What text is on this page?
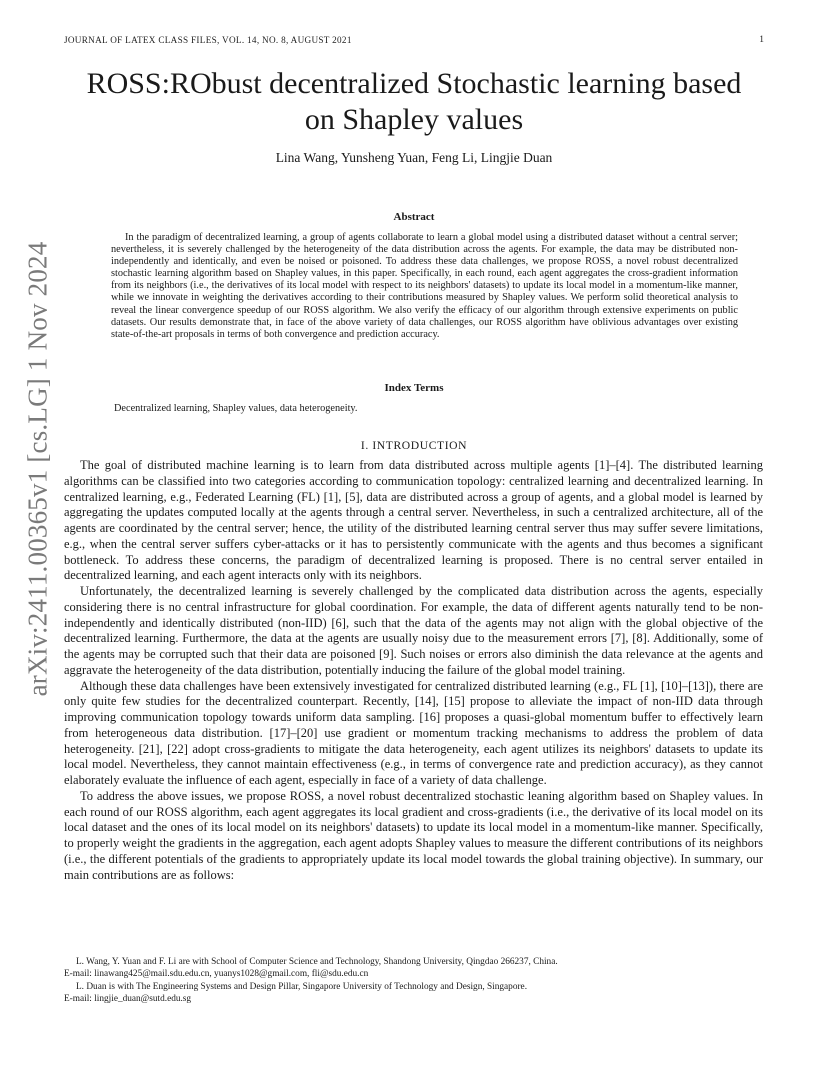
JOURNAL OF LATEX CLASS FILES, VOL. 14, NO. 8, AUGUST 2021	1
arXiv:2411.00365v1 [cs.LG] 1 Nov 2024
ROSS:RObust decentralized Stochastic learning based on Shapley values
Lina Wang, Yunsheng Yuan, Feng Li, Lingjie Duan
Abstract

In the paradigm of decentralized learning, a group of agents collaborate to learn a global model using a distributed dataset without a central server; nevertheless, it is severely challenged by the heterogeneity of the data distribution across the agents. For example, the data may be distributed non-independently and identically, and even be noised or poisoned. To address these data challenges, we propose ROSS, a novel robust decentralized stochastic learning algorithm based on Shapley values, in this paper. Specifically, in each round, each agent aggregates the cross-gradient information from its neighbors (i.e., the derivatives of its local model with respect to its neighbors' datasets) to update its local model in a momentum-like manner, while we innovate in weighting the derivatives according to their contributions measured by Shapley values. We perform solid theoretical analysis to reveal the linear convergence speedup of our ROSS algorithm. We also verify the efficacy of our algorithm through extensive experiments on public datasets. Our results demonstrate that, in face of the above variety of data challenges, our ROSS algorithm have oblivious advantages over existing state-of-the-art proposals in terms of both convergence and prediction accuracy.

Index Terms
Decentralized learning, Shapley values, data heterogeneity.
I. INTRODUCTION

The goal of distributed machine learning is to learn from data distributed across multiple agents [1]–[4]. The distributed learning algorithms can be classified into two categories according to communication topology: centralized learning and decentralized learning. In centralized learning, e.g., Federated Learning (FL) [1], [5], data are distributed across a group of agents, and a global model is learned by aggregating the updates computed locally at the agents through a central server. Nevertheless, in such a centralized architecture, all of the agents are coordinated by the central server; hence, the utility of the distributed learning central server thus may suffer severe limitations, e.g., when the central server suffers cyber-attacks or it has to persistently communicate with the agents and thus becomes a significant bottleneck. To address these concerns, the paradigm of decentralized learning is proposed. There is no central server entailed in decentralized learning, and each agent interacts only with its neighbors.

Unfortunately, the decentralized learning is severely challenged by the complicated data distribution across the agents, especially considering there is no central infrastructure for global coordination. For example, the data of different agents naturally tend to be non-independently and identically distributed (non-IID) [6], such that the data of the agents may not align with the global objective of the decentralized learning. Furthermore, the data at the agents are usually noisy due to the measurement errors [7], [8]. Additionally, some of the agents may be corrupted such that their data are poisoned [9]. Such noises or errors also diminish the data relevance at the agents and aggravate the heterogeneity of the data distribution, potentially inducing the failure of the global model training.

Although these data challenges have been extensively investigated for centralized distributed learning (e.g., FL [1], [10]–[13]), there are only quite few studies for the decentralized counterpart. Recently, [14], [15] propose to alleviate the impact of non-IID data through improving communication topology towards uniform data sampling. [16] proposes a quasi-global momentum buffer to effectively learn from heterogeneous data distribution. [17]–[20] use gradient or momentum tracking mechanisms to address the problem of data heterogeneity. [21], [22] adopt cross-gradients to mitigate the data heterogeneity, each agent utilizes its neighbors' datasets to update its local model. Nevertheless, they cannot maintain effectiveness (e.g., in terms of convergence rate and prediction accuracy), as they cannot elaborately evaluate the influence of each agent, especially in face of a variety of data challenge.

To address the above issues, we propose ROSS, a novel robust decentralized stochastic leaning algorithm based on Shapley values. In each round of our ROSS algorithm, each agent aggregates its local gradient and cross-gradients (i.e., the derivative of its local model on its local dataset and the ones of its local model on its neighbors' datasets) to update its local model in a momentum-like manner. Specifically, to properly weight the gradients in the aggregation, each agent adopts Shapley values to measure the different contributions of its neighbors (i.e., the different potentials of the gradients to appropriately update its local model towards the global training objective). In summary, our main contributions are as follows:

L. Wang, Y. Yuan and F. Li are with School of Computer Science and Technology, Shandong University, Qingdao 266237, China.

E-mail: linawang425@mail.sdu.edu.cn, yuanys1028@gmail.com, fli@sdu.edu.cn

L. Duan is with The Engineering Systems and Design Pillar, Singapore University of Technology and Design, Singapore.

E-mail: lingjie_duan@sutd.edu.sg
